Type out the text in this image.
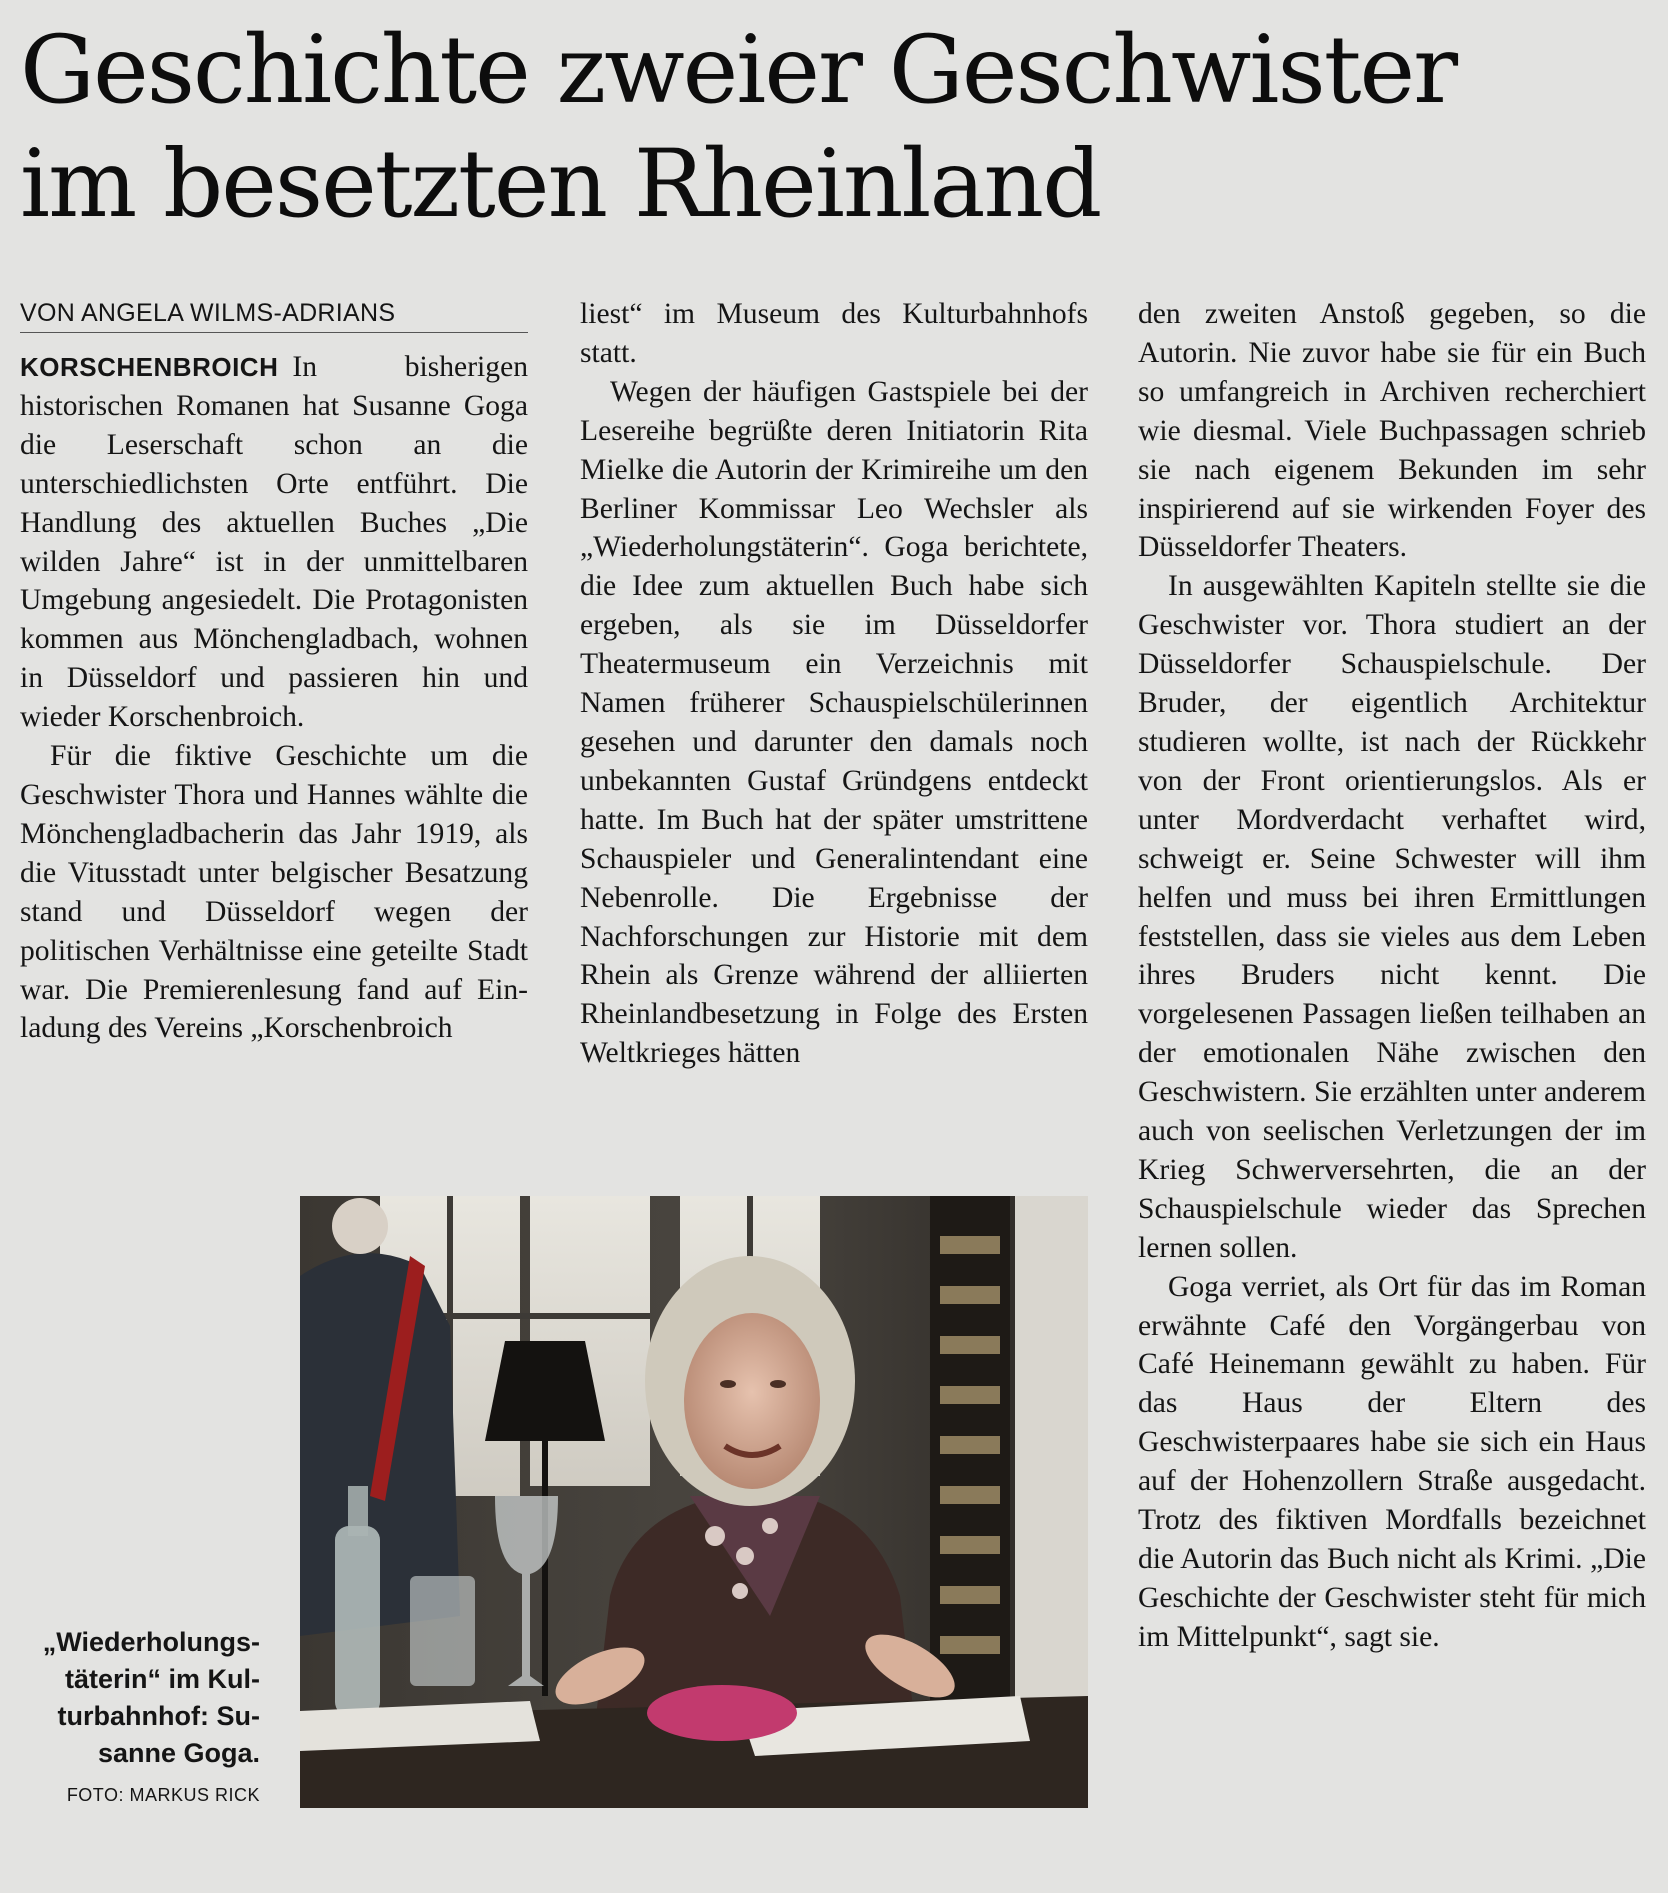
Geschichte zweier Geschwister
im besetzten Rheinland

VON ANGELA WILMS-ADRIANS

KORSCHENBROICH In bisherigen historischen Romanen hat Susanne Goga die Leserschaft schon an die unterschiedlichsten Orte entführt. Die Handlung des aktuellen Buches „Die wilden Jahre“ ist in der unmittelbaren Umgebung angesiedelt. Die Protagonisten kommen aus Mönchengladbach, wohnen in Düsseldorf und passieren hin und wieder Korschenbroich.

Für die fiktive Geschichte um die Geschwister Thora und Hannes wählte die Mönchengladbacherin das Jahr 1919, als die Vitusstadt unter belgischer Besatzung stand und Düsseldorf wegen der politischen Verhältnisse eine geteilte Stadt war. Die Premierenlesung fand auf Einladung des Vereins „Korschenbroich

liest“ im Museum des Kulturbahnhofs statt.

Wegen der häufigen Gastspiele bei der Lesereihe begrüßte deren Initiatorin Rita Mielke die Autorin der Krimireihe um den Berliner Kommissar Leo Wechsler als „Wiederholungstäterin“. Goga berichtete, die Idee zum aktuellen Buch habe sich ergeben, als sie im Düsseldorfer Theatermuseum ein Verzeichnis mit Namen früherer Schauspielschülerinnen gesehen und darunter den damals noch unbekannten Gustaf Gründgens entdeckt hatte. Im Buch hat der später umstrittene Schauspieler und Generalintendant eine Nebenrolle. Die Ergebnisse der Nachforschungen zur Historie mit dem Rhein als Grenze während der alliierten Rheinlandbesetzung in Folge des Ersten Weltkrieges hätten

den zweiten Anstoß gegeben, so die Autorin. Nie zuvor habe sie für ein Buch so umfangreich in Archiven recherchiert wie diesmal. Viele Buchpassagen schrieb sie nach eigenem Bekunden im sehr inspirierend auf sie wirkenden Foyer des Düsseldorfer Theaters.

In ausgewählten Kapiteln stellte sie die Geschwister vor. Thora studiert an der Düsseldorfer Schauspielschule. Der Bruder, der eigentlich Architektur studieren wollte, ist nach der Rückkehr von der Front orientierungslos. Als er unter Mordverdacht verhaftet wird, schweigt er. Seine Schwester will ihm helfen und muss bei ihren Ermittlungen feststellen, dass sie vieles aus dem Leben ihres Bruders nicht kennt. Die vorgelesenen Passagen ließen teilhaben an der emotionalen Nähe zwischen den Geschwistern. Sie erzählten unter anderem auch von seelischen Verletzungen der im Krieg Schwerversehrten, die an der Schauspielschule wieder das Sprechen lernen sollen.

Goga verriet, als Ort für das im Roman erwähnte Café den Vorgängerbau von Café Heinemann gewählt zu haben. Für das Haus der Eltern des Geschwisterpaares habe sie sich ein Haus auf der Hohenzollern Straße ausgedacht. Trotz des fiktiven Mordfalls bezeichnet die Autorin das Buch nicht als Krimi. „Die Geschichte der Geschwister steht für mich im Mittelpunkt“, sagt sie.

„Wiederholungstäterin“ im Kulturbahnhof: Susanne Goga.
FOTO: MARKUS RICK
